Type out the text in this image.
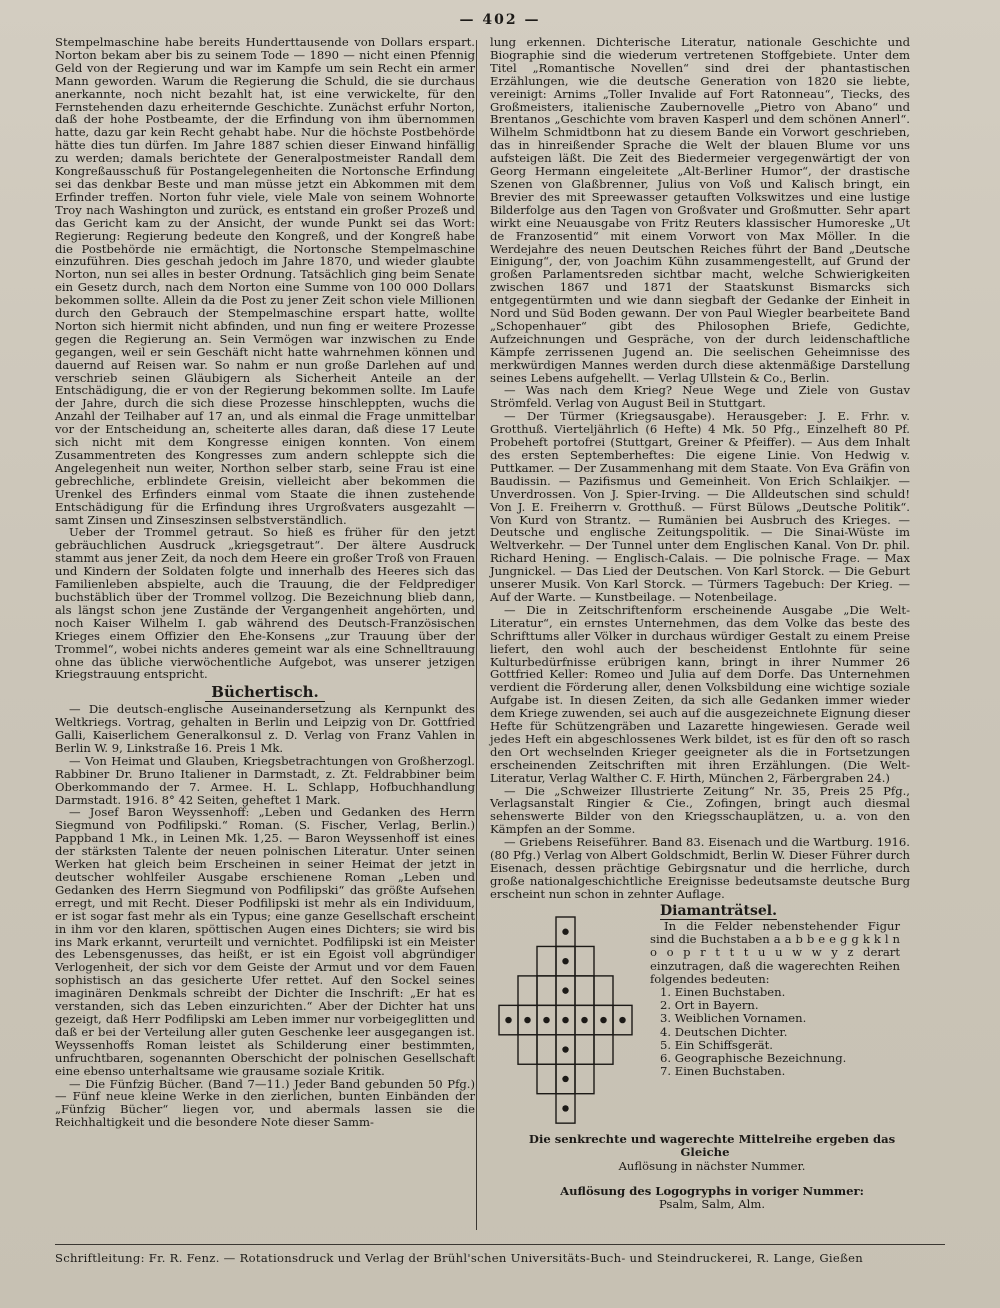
— 402 —

Stempelmaschine habe bereits Hunderttausende von Dollars erspart. Norton bekam aber bis zu seinem Tode — 1890 — nicht einen Pfennig Geld von der Regierung und war im Kampfe um sein Recht ein armer Mann geworden. Warum die Regierung die Schuld, die sie durchaus anerkannte, noch nicht bezahlt hat, ist eine verwickelte, für den Fernstehenden dazu erheiternde Geschichte. Zunächst erfuhr Norton, daß der hohe Postbeamte, der die Erfindung von ihm übernommen hatte, dazu gar kein Recht gehabt habe. Nur die höchste Postbehörde hätte dies tun dürfen. Im Jahre 1887 schien dieser Einwand hinfällig zu werden; damals berichtete der Generalpostmeister Randall dem Kongreßausschuß für Postangelegenheiten die Nortonsche Erfindung sei das denkbar Beste und man müsse jetzt ein Abkommen mit dem Erfinder treffen. Norton fuhr viele, viele Male von seinem Wohnorte Troy nach Washington und zurück, es entstand ein großer Prozeß und das Gericht kam zu der Ansicht, der wunde Punkt sei das Wort: Regierung: Regierung bedeute den Kongreß, und der Kongreß habe die Postbehörde nie ermächtigt, die Nortonsche Stempelmaschine einzuführen. Dies geschah jedoch im Jahre 1870, und wieder glaubte Norton, nun sei alles in bester Ordnung. Tatsächlich ging beim Senate ein Gesetz durch, nach dem Norton eine Summe von 100 000 Dollars bekommen sollte. Allein da die Post zu jener Zeit schon viele Millionen durch den Gebrauch der Stempelmaschine erspart hatte, wollte Norton sich hiermit nicht abfinden, und nun fing er weitere Prozesse gegen die Regierung an. Sein Vermögen war inzwischen zu Ende gegangen, weil er sein Geschäft nicht hatte wahrnehmen können und dauernd auf Reisen war. So nahm er nun große Darlehen auf und verschrieb seinen Gläubigern als Sicherheit Anteile an der Entschädigung, die er von der Regierung bekommen sollte. Im Laufe der Jahre, durch die sich diese Prozesse hinschleppten, wuchs die Anzahl der Teilhaber auf 17 an, und als einmal die Frage unmittelbar vor der Entscheidung an, scheiterte alles daran, daß diese 17 Leute sich nicht mit dem Kongresse einigen konnten. Von einem Zusammentreten des Kongresses zum andern schleppte sich die Angelegenheit nun weiter, Northon selber starb, seine Frau ist eine gebrechliche, erblindete Greisin, vielleicht aber bekommen die Urenkel des Erfinders einmal vom Staate die ihnen zustehende Entschädigung für die Erfindung ihres Urgroßvaters ausgezahlt — samt Zinsen und Zinseszinsen selbstverständlich.

Ueber der Trommel getraut. So hieß es früher für den jetzt gebräuchlichen Ausdruck „kriegsgetraut“. Der ältere Ausdruck stammt aus jener Zeit, da noch dem Heere ein großer Troß von Frauen und Kindern der Soldaten folgte und innerhalb des Heeres sich das Familienleben abspielte, auch die Trauung, die der Feldprediger buchstäblich über der Trommel vollzog. Die Bezeichnung blieb dann, als längst schon jene Zustände der Vergangenheit angehörten, und noch Kaiser Wilhelm I. gab während des Deutsch-Französischen Krieges einem Offizier den Ehe-Konsens „zur Trauung über der Trommel“, wobei nichts anderes gemeint war als eine Schnelltrauung ohne das übliche vierwöchentliche Aufgebot, was unserer jetzigen Kriegstrauung entspricht.

Büchertisch.

— Die deutsch-englische Auseinandersetzung als Kernpunkt des Weltkriegs. Vortrag, gehalten in Berlin und Leipzig von Dr. Gottfried Galli, Kaiserlichem Generalkonsul z. D. Verlag von Franz Vahlen in Berlin W. 9, Linkstraße 16. Preis 1 Mk.

— Von Heimat und Glauben, Kriegsbetrachtungen von Großherzogl. Rabbiner Dr. Bruno Italiener in Darmstadt, z. Zt. Feldrabbiner beim Oberkommando der 7. Armee. H. L. Schlapp, Hofbuchhandlung Darmstadt. 1916. 8° 42 Seiten, geheftet 1 Mark.

— Josef Baron Weyssenhoff: „Leben und Gedanken des Herrn Siegmund von Podfilipski.“ Roman. (S. Fischer, Verlag, Berlin.) Pappband 1 Mk., in Leinen Mk. 1,25. — Baron Weyssenhoff ist eines der stärksten Talente der neuen polnischen Literatur. Unter seinen Werken hat gleich beim Erscheinen in seiner Heimat der jetzt in deutscher wohlfeiler Ausgabe erschienene Roman „Leben und Gedanken des Herrn Siegmund von Podfilipski“ das größte Aufsehen erregt, und mit Recht. Dieser Podfilipski ist mehr als ein Individuum, er ist sogar fast mehr als ein Typus; eine ganze Gesellschaft erscheint in ihm vor den klaren, spöttischen Augen eines Dichters; sie wird bis ins Mark erkannt, verurteilt und vernichtet. Podfilipski ist ein Meister des Lebensgenusses, das heißt, er ist ein Egoist voll abgründiger Verlogenheit, der sich vor dem Geiste der Armut und vor dem Fauen sophistisch an das gesicherte Ufer rettet. Auf den Sockel seines imaginären Denkmals schreibt der Dichter die Inschrift: „Er hat es verstanden, sich das Leben einzurichten.“ Aber der Dichter hat uns gezeigt, daß Herr Podfilipski am Leben immer nur vorbeigeglitten und daß er bei der Verteilung aller guten Geschenke leer ausgegangen ist. Weyssenhoffs Roman leistet als Schilderung einer bestimmten, unfruchtbaren, sogenannten Oberschicht der polnischen Gesellschaft eine ebenso unterhaltsame wie grausame soziale Kritik.

— Die Fünfzig Bücher. (Band 7—11.) Jeder Band gebunden 50 Pfg.) — Fünf neue kleine Werke in den zierlichen, bunten Einbänden der „Fünfzig Bücher“ liegen vor, und abermals lassen sie die Reichhaltigkeit und die besondere Note dieser Samm-

lung erkennen. Dichterische Literatur, nationale Geschichte und Biographie sind die wiederum vertretenen Stoffgebiete. Unter dem Titel „Romantische Novellen“ sind drei der phantastischen Erzählungen, wie die deutsche Generation von 1820 sie liebte, vereinigt: Arnims „Toller Invalide auf Fort Ratonneau“, Tiecks, des Großmeisters, italienische Zaubernovelle „Pietro von Abano“ und Brentanos „Geschichte vom braven Kasperl und dem schönen Annerl“. Wilhelm Schmidtbonn hat zu diesem Bande ein Vorwort geschrieben, das in hinreißender Sprache die Welt der blauen Blume vor uns aufsteigen läßt. Die Zeit des Biedermeier vergegenwärtigt der von Georg Hermann eingeleitete „Alt-Berliner Humor“, der drastische Szenen von Glaßbrenner, Julius von Voß und Kalisch bringt, ein Brevier des mit Spreewasser getauften Volkswitzes und eine lustige Bilderfolge aus den Tagen von Großvater und Großmutter. Sehr apart wirkt eine Neuausgabe von Fritz Reuters klassischer Humoreske „Ut de Franzosentid“ mit einem Vorwort von Max Möller. In die Werdejahre des neuen Deutschen Reiches führt der Band „Deutsche Einigung“, der, von Joachim Kühn zusammengestellt, auf Grund der großen Parlamentsreden sichtbar macht, welche Schwierigkeiten zwischen 1867 und 1871 der Staatskunst Bismarcks sich entgegentürmten und wie dann siegbaft der Gedanke der Einheit in Nord und Süd Boden gewann. Der von Paul Wiegler bearbeitete Band „Schopenhauer“ gibt des Philosophen Briefe, Gedichte, Aufzeichnungen und Gespräche, von der durch leidenschaftliche Kämpfe zerrissenen Jugend an. Die seelischen Geheimnisse des merkwürdigen Mannes werden durch diese aktenmäßige Darstellung seines Lebens aufgehellt. — Verlag Ullstein & Co., Berlin.

— Was nach dem Krieg? Neue Wege und Ziele von Gustav Strömfeld. Verlag von August Beil in Stuttgart.

— Der Türmer (Kriegsausgabe). Herausgeber: J. E. Frhr. v. Grotthuß. Vierteljährlich (6 Hefte) 4 Mk. 50 Pfg., Einzelheft 80 Pf. Probeheft portofrei (Stuttgart, Greiner & Pfeiffer). — Aus dem Inhalt des ersten Septemberheftes: Die eigene Linie. Von Hedwig v. Puttkamer. — Der Zusammenhang mit dem Staate. Von Eva Gräfin von Baudissin. — Pazifismus und Gemeinheit. Von Erich Schlaikjer. — Unverdrossen. Von J. Spier-Irving. — Die Alldeutschen sind schuld! Von J. E. Freiherrn v. Grotthuß. — Fürst Bülows „Deutsche Politik“. Von Kurd von Strantz. — Rumänien bei Ausbruch des Krieges. — Deutsche und englische Zeitungspolitik. — Die Sinai-Wüste im Weltverkehr. — Der Tunnel unter dem Englischen Kanal. Von Dr. phil. Richard Hening. — Englisch-Calais. — Die polnische Frage. — Max Jungnickel. — Das Lied der Deutschen. Von Karl Storck. — Die Geburt unserer Musik. Von Karl Storck. — Türmers Tagebuch: Der Krieg. — Auf der Warte. — Kunstbeilage. — Notenbeilage.

— Die in Zeitschriftenform erscheinende Ausgabe „Die Welt-Literatur“, ein ernstes Unternehmen, das dem Volke das beste des Schrifttums aller Völker in durchaus würdiger Gestalt zu einem Preise liefert, den wohl auch der bescheidenst Entlohnte für seine Kulturbedürfnisse erübrigen kann, bringt in ihrer Nummer 26 Gottfried Keller: Romeo und Julia auf dem Dorfe. Das Unternehmen verdient die Förderung aller, denen Volksbildung eine wichtige soziale Aufgabe ist. In diesen Zeiten, da sich alle Gedanken immer wieder dem Kriege zuwenden, sei auch auf die ausgezeichnete Eignung dieser Hefte für Schützengräben und Lazarette hingewiesen. Gerade weil jedes Heft ein abgeschlossenes Werk bildet, ist es für den oft so rasch den Ort wechselnden Krieger geeigneter als die in Fortsetzungen erscheinenden Zeitschriften mit ihren Erzählungen. (Die Welt-Literatur, Verlag Walther C. F. Hirth, München 2, Färbergraben 24.)

— Die „Schweizer Illustrierte Zeitung“ Nr. 35, Preis 25 Pfg., Verlagsanstalt Ringier & Cie., Zofingen, bringt auch diesmal sehenswerte Bilder von den Kriegsschauplätzen, u. a. von den Kämpfen an der Somme.

— Griebens Reiseführer. Band 83. Eisenach und die Wartburg. 1916. (80 Pfg.) Verlag von Albert Goldschmidt, Berlin W. Dieser Führer durch Eisenach, dessen prächtige Gebirgsnatur und die herrliche, durch große nationalgeschichtliche Ereignisse bedeutsamste deutsche Burg erscheint nun schon in zehnter Auflage.

Diamanträtsel.

In die Felder nebenstehender Figur sind die Buchstaben a a b b e e g g k k l n o o p r t t t u u w w y z derart einzutragen, daß die wagerechten Reihen folgendes bedeuten:

1. Einen Buchstaben.
2. Ort in Bayern.
3. Weiblichen Vornamen.
4. Deutschen Dichter.
5. Ein Schiffsgerät.
6. Geographische Bezeichnung.
7. Einen Buchstaben.

Die senkrechte und wagerechte Mittelreihe ergeben das Gleiche

Auflösung in nächster Nummer.

Auflösung des Logogryphs in voriger Nummer:

Psalm, Salm, Alm.

Schriftleitung: Fr. R. Fenz. — Rotationsdruck und Verlag der Brühl'schen Universitäts-Buch- und Steindruckerei, R. Lange, Gießen
